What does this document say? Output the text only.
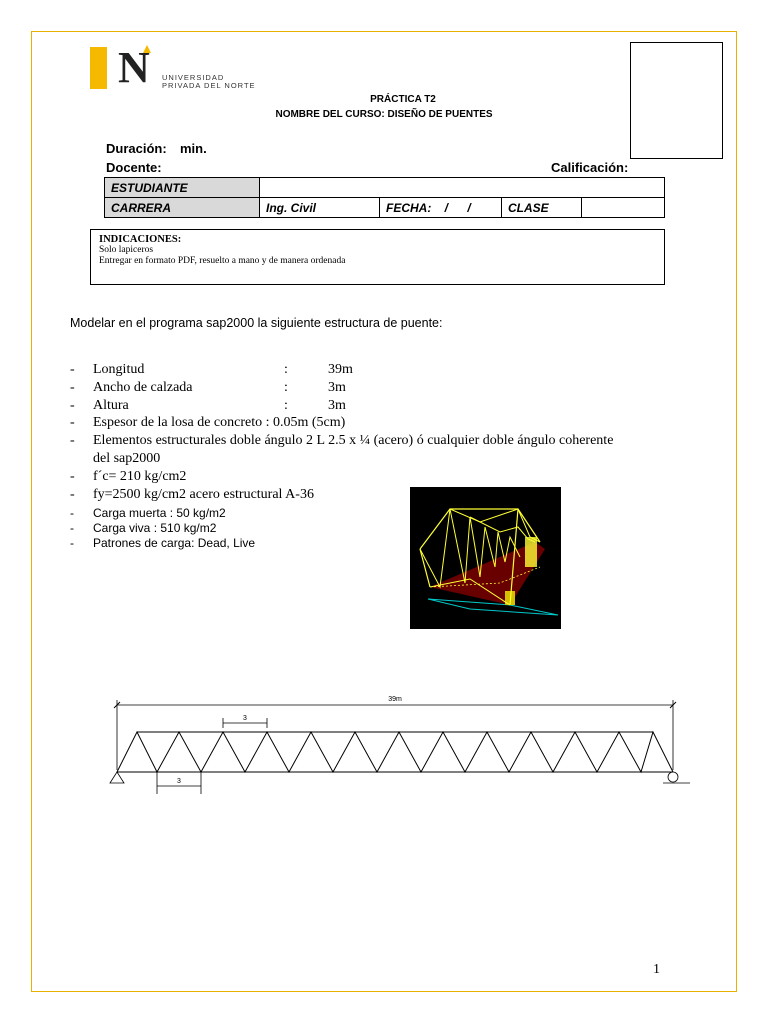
N UNIVERSIDAD
PRIVADA DEL NORTE
PRÁCTICA T2
NOMBRE DEL CURSO: DISEÑO DE PUENTES
Duración: min.
Docente:	Calificación:
ESTUDIANTE				
CARRERA	Ing. Civil	FECHA: / /	CLASE	
INDICACIONES:
Solo lapiceros
Entregar en formato PDF, resuelto a mano y de manera ordenada
Modelar en el programa sap2000 la siguiente estructura de puente:
- Longitud	:	39m
- Ancho de calzada	:	3m
- Altura	:	3m
- Espesor de la losa de concreto : 0.05m (5cm)
- Elementos estructurales doble ángulo 2 L 2.5 x ¼ (acero) ó cualquier doble ángulo coherente
del sap2000
- f´c= 210 kg/cm2
- fy=2500 kg/cm2 acero estructural A-36
- Carga muerta : 50 kg/m2
- Carga viva : 510 kg/m2
- Patrones de carga: Dead, Live
39m
3
3
1
